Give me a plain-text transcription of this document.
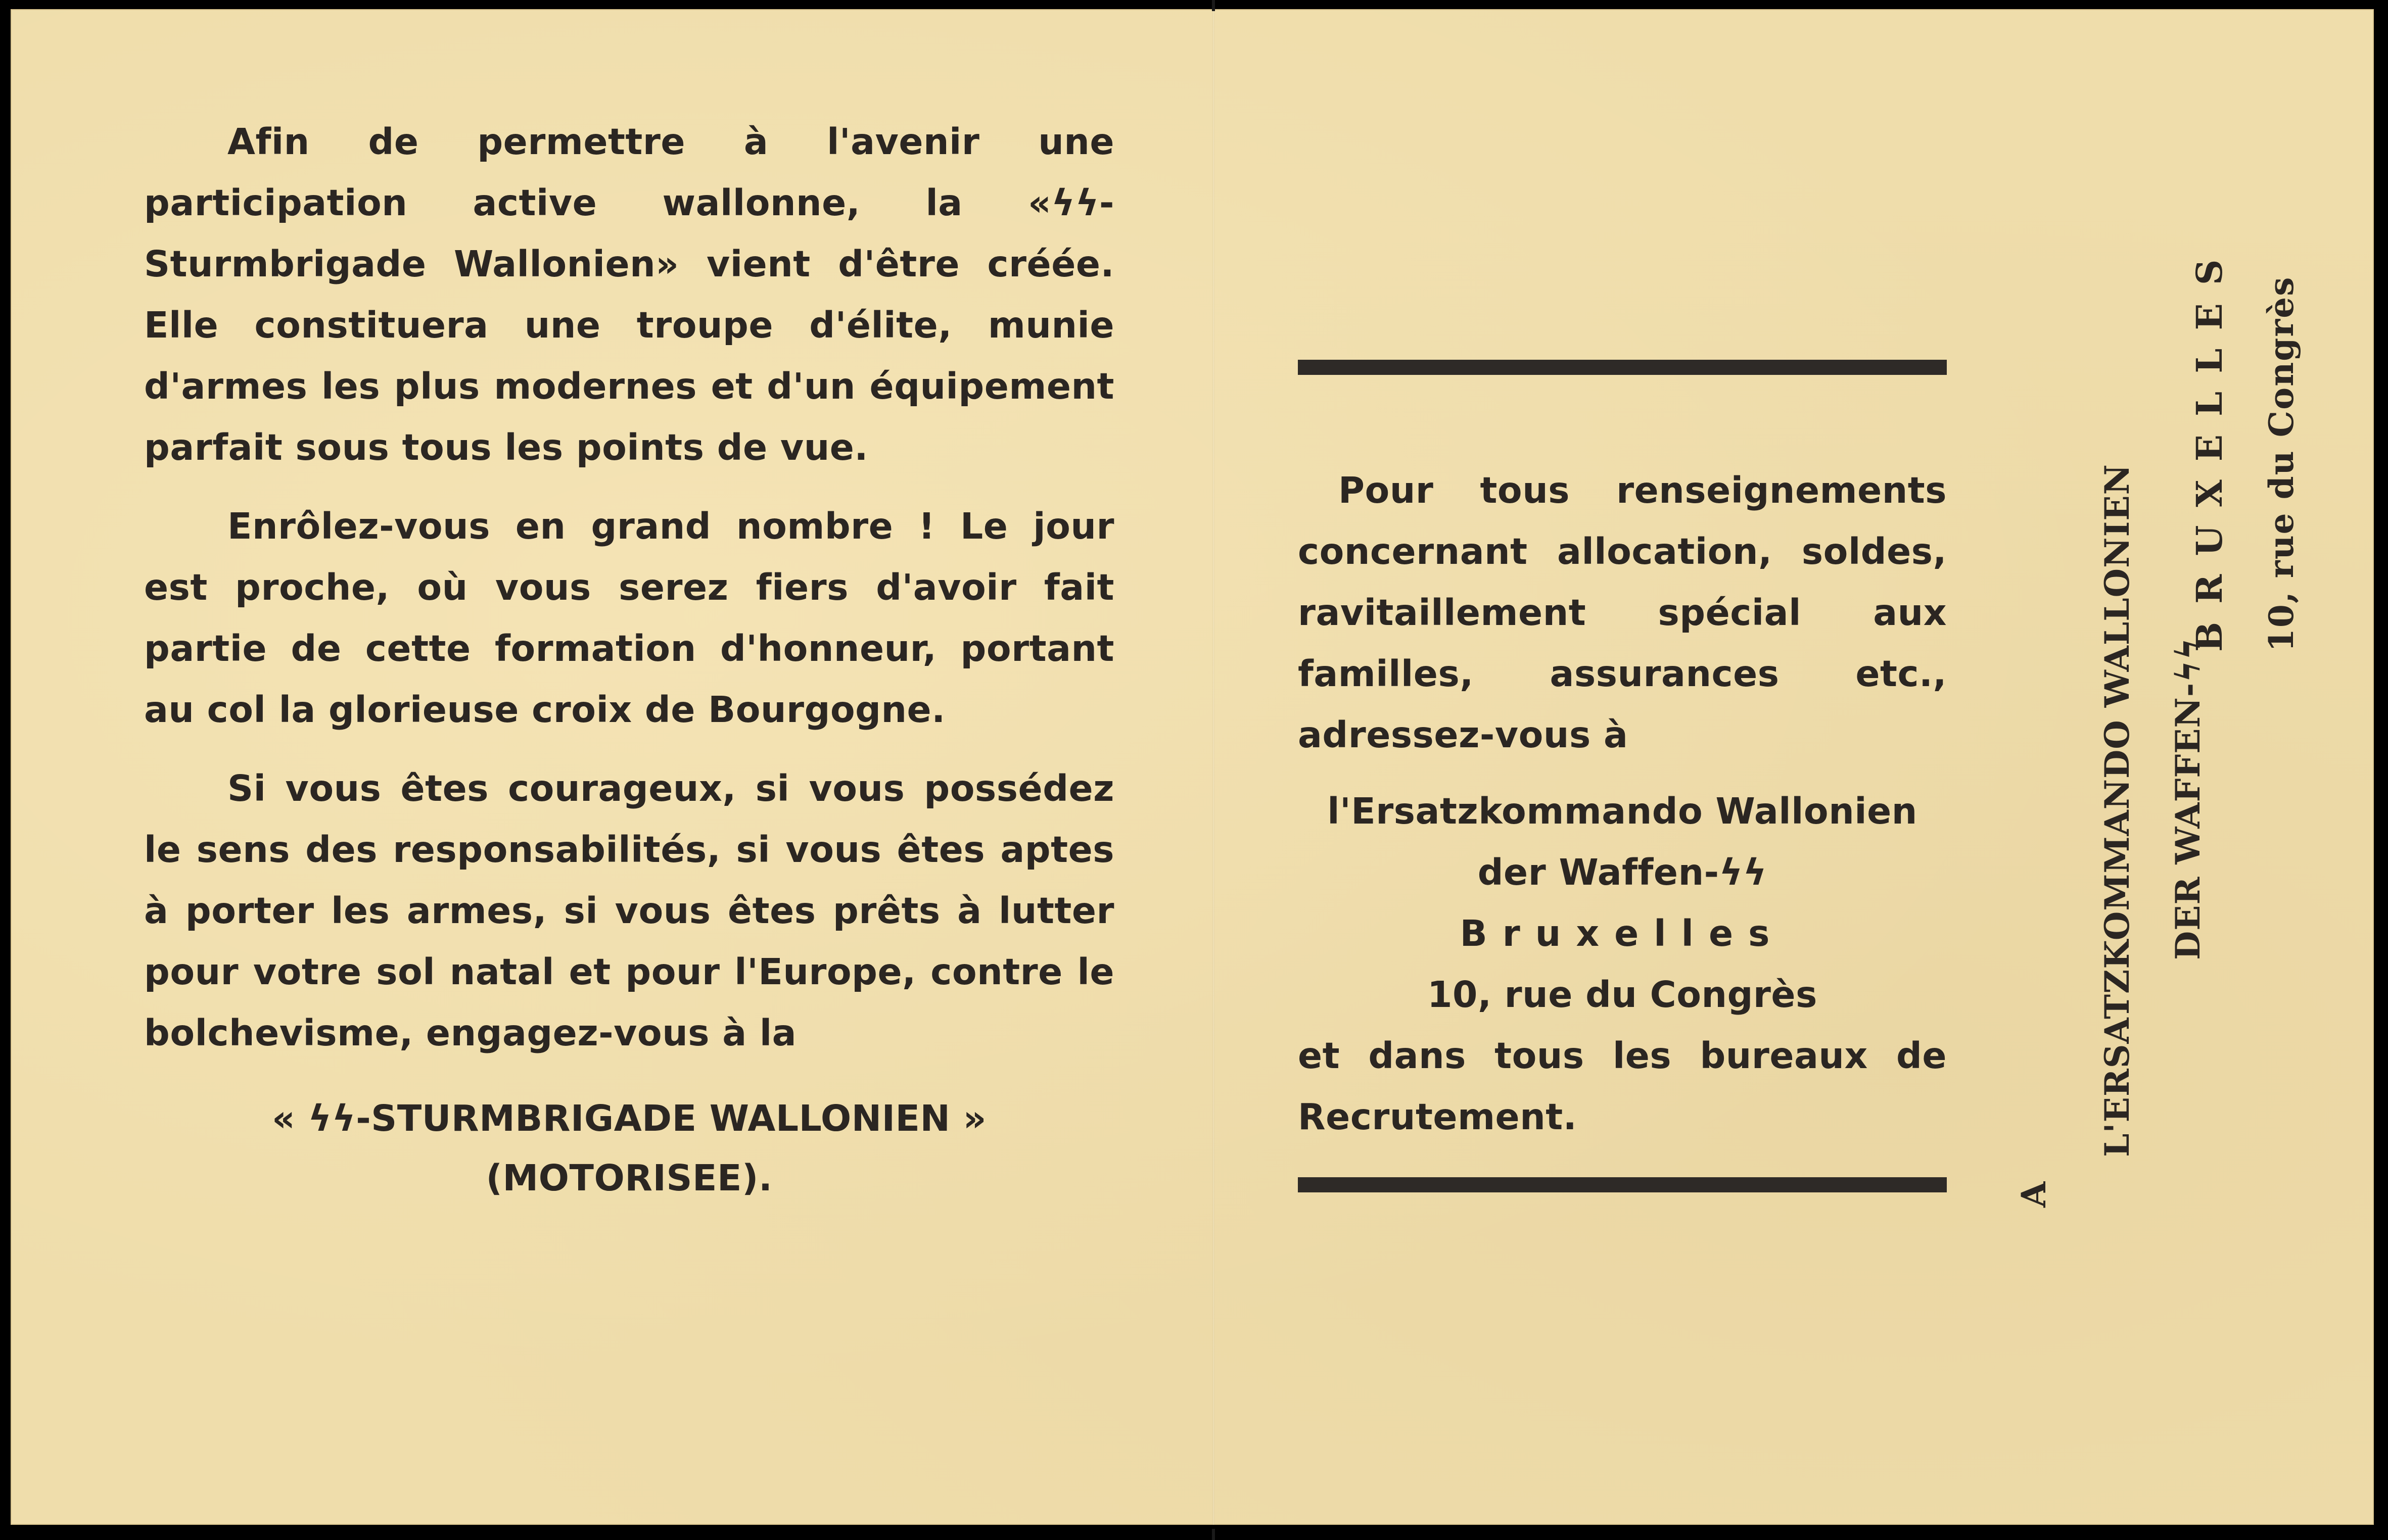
Afin de permettre à l'avenir une participation active wallonne, la «ϟϟ-Sturmbrigade Wallonien» vient d'être créée. Elle constituera une troupe d'élite, munie d'armes les plus modernes et d'un équipement parfait sous tous les points de vue.

Enrôlez-vous en grand nombre ! Le jour est proche, où vous serez fiers d'avoir fait partie de cette formation d'honneur, portant au col la glorieuse croix de Bourgogne.

Si vous êtes courageux, si vous possédez le sens des responsabilités, si vous êtes aptes à porter les armes, si vous êtes prêts à lutter pour votre sol natal et pour l'Europe, contre le bolchevisme, engagez-vous à la

« ϟϟ-STURMBRIGADE WALLONIEN »
(MOTORISEE).
Pour tous renseignements concernant allocation, soldes, ravitaillement spécial aux familles, assurances etc., adressez-vous à
l'Ersatzkommando Wallonien
der Waffen-ϟϟ
Bruxelles
10, rue du Congrès
et dans tous les bureaux de Recrutement.
A
L'ERSATZKOMMANDO WALLONIEN DER WAFFEN-ϟϟ
BRUXELLES 10, rue du Congrès
